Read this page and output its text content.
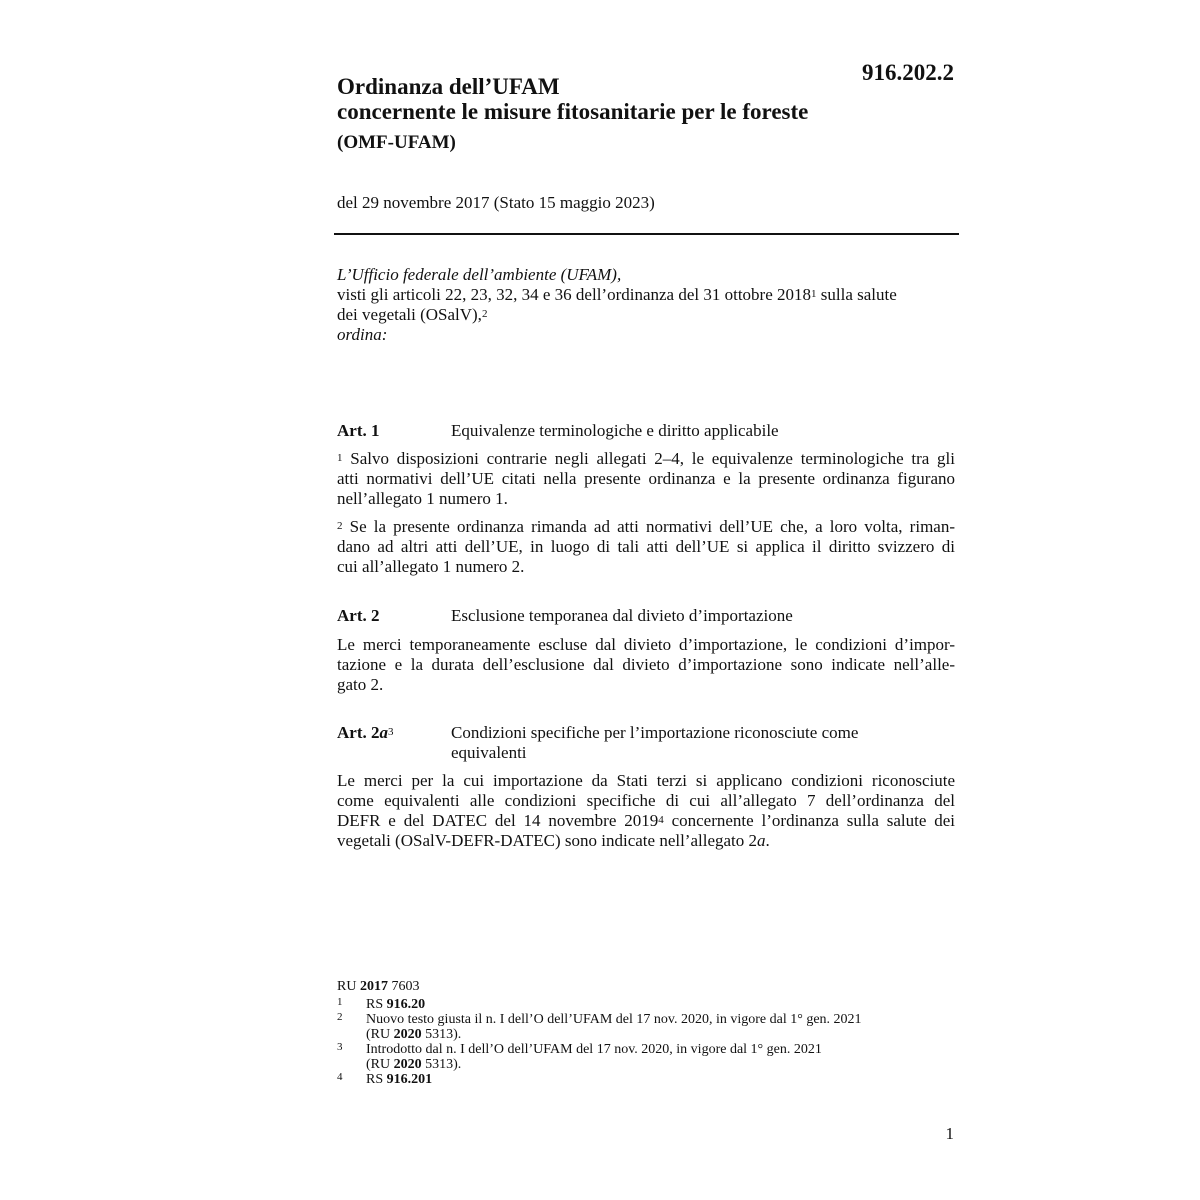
916.202.2
Ordinanza dell’UFAM
concernente le misure fitosanitarie per le foreste
(OMF-UFAM)
del 29 novembre 2017 (Stato 15 maggio 2023)
L’Ufficio federale dell’ambiente (UFAM),
visti gli articoli 22, 23, 32, 34 e 36 dell’ordinanza del 31 ottobre 2018$^1$ sulla salute
dei vegetali (OSalV),$^2$
ordina:
Art. 1	Equivalenze terminologiche e diritto applicabile
$^1$ Salvo disposizioni contrarie negli allegati 2–4, le equivalenze terminologiche tra gli
atti normativi dell’UE citati nella presente ordinanza e la presente ordinanza figurano
nell’allegato 1 numero 1.
$^2$ Se la presente ordinanza rimanda ad atti normativi dell’UE che, a loro volta, riman-
dano ad altri atti dell’UE, in luogo di tali atti dell’UE si applica il diritto svizzero di
cui all’allegato 1 numero 2.
Art. 2	Esclusione temporanea dal divieto d’importazione
Le merci temporaneamente escluse dal divieto d’importazione, le condizioni d’impor-
tazione e la durata dell’esclusione dal divieto d’importazione sono indicate nell’alle-
gato 2.
Art. $2a^3$	Condizioni specifiche per l’importazione riconosciute come
equivalenti
Le merci per la cui importazione da Stati terzi si applicano condizioni riconosciute
come equivalenti alle condizioni specifiche di cui all’allegato 7 dell’ordinanza del
DEFR e del DATEC del 14 novembre 2019$^4$ concernente l’ordinanza sulla salute dei
vegetali (OSalV-DEFR-DATEC) sono indicate nell’allegato 2a.
RU 2017 7603
1 RS 916.20
2 Nuovo testo giusta il n. I dell’O dell’UFAM del 17 nov. 2020, in vigore dal 1° gen. 2021
(RU 2020 5313).
3 Introdotto dal n. I dell’O dell’UFAM del 17 nov. 2020, in vigore dal 1° gen. 2021
(RU 2020 5313).
4 RS 916.201
1
